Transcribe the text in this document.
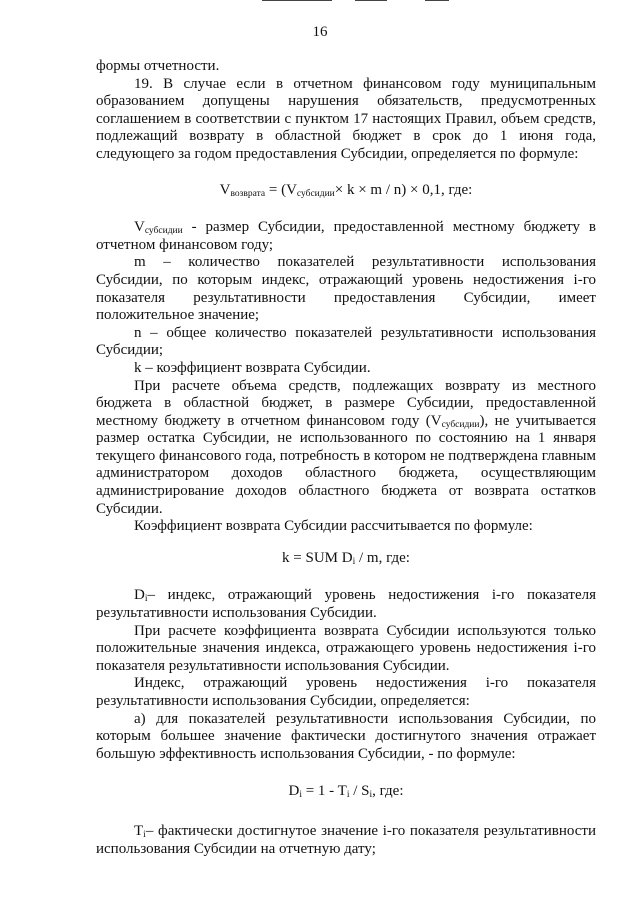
16

формы отчетности.

19. В случае если в отчетном финансовом году муниципальным образованием допущены нарушения обязательств, предусмотренных соглашением в соответствии с пунктом 17 настоящих Правил, объем средств, подлежащий возврату в областной бюджет в срок до 1 июня года, следующего за годом предоставления Субсидии, определяется по формуле:

$V_{возврата} = (V_{субсидии}\times k \times m / n) \times 0,1$, где:

$V_{субсидии}$ - размер Субсидии, предоставленной местному бюджету в отчетном финансовом году;

m – количество показателей результативности использования Субсидии, по которым индекс, отражающий уровень недостижения i-го показателя результативности предоставления Субсидии, имеет положительное значение;

n – общее количество показателей результативности использования Субсидии;

k – коэффициент возврата Субсидии.

При расчете объема средств, подлежащих возврату из местного бюджета в областной бюджет, в размере Субсидии, предоставленной местному бюджету в отчетном финансовом году $(V_{субсидии})$, не учитывается размер остатка Субсидии, не использованного по состоянию на 1 января текущего финансового года, потребность в котором не подтверждена главным администратором доходов областного бюджета, осуществляющим администрирование доходов областного бюджета от возврата остатков Субсидии.

Коэффициент возврата Субсидии рассчитывается по формуле:

k = SUM $D_i$ / m, где:

$D_i-$ индекс, отражающий уровень недостижения i-го показателя результативности использования Субсидии.

При расчете коэффициента возврата Субсидии используются только положительные значения индекса, отражающего уровень недостижения i-го показателя результативности использования Субсидии.

Индекс, отражающий уровень недостижения i-го показателя результативности использования Субсидии, определяется:

а) для показателей результативности использования Субсидии, по которым большее значение фактически достигнутого значения отражает большую эффективность использования Субсидии, - по формуле:

$D_i = 1 - T_i / S_i$, где:

$T_i-$ фактически достигнутое значение i-го показателя результативности использования Субсидии на отчетную дату;
